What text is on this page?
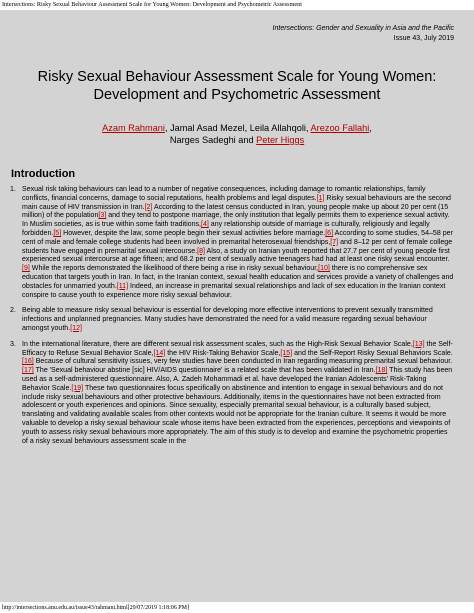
Intersections: Risky Sexual Behaviour Assessment Scale for Young Women: Development and Psychometric Assessment
Intersections: Gender and Sexuality in Asia and the Pacific
Issue 43, July 2019
Risky Sexual Behaviour Assessment Scale for Young Women: Development and Psychometric Assessment
Azam Rahmani, Jamal Asad Mezel, Leila Allahqoli, Arezoo Fallahi,
Narges Sadeghi and Peter Higgs
Introduction
1. Sexual risk taking behaviours can lead to a number of negative consequences, including damage to romantic relationships, family conflicts, financial concerns, damage to social reputations, health problems and legal disputes.[1] Risky sexual behaviours are the second main cause of HIV transmission in Iran.[2] According to the latest census conducted in Iran, young people make up about 20 per cent (15 million) of the population[3] and they tend to postpone marriage, the only institution that legally permits them to experience sexual activity. In Muslim societies, as is true within some faith traditions,[4] any relationship outside of marriage is culturally, religiously and legally forbidden.[5] However, despite the law, some people begin their sexual activities before marriage.[6] According to some studies, 54–58 per cent of male and female college students had been involved in premarital heterosexual friendships,[7] and 8–12 per cent of female college students have engaged in premarital sexual intercourse.[8] Also, a study on Iranian youth reported that 27.7 per cent of young people first experienced sexual intercourse at age fifteen; and 68.2 per cent of sexually active teenagers had had at least one risky sexual encounter.[9] While the reports demonstrated the likelihood of there being a rise in risky sexual behaviour,[10] there is no comprehensive sex education that targets youth in Iran. In fact, in the Iranian context, sexual health education and services provide a variety of challenges and obstacles for unmarried youth.[11] Indeed, an increase in premarital sexual relationships and lack of sex education in the Iranian context conspire to cause youth to experience more risky sexual behaviour.
2. Being able to measure risky sexual behaviour is essential for developing more effective interventions to prevent sexually transmitted infections and unplanned pregnancies. Many studies have demonstrated the need for a valid measure regarding sexual behaviour amongst youth.[12]
3. In the international literature, there are different sexual risk assessment scales, such as the High-Risk Sexual Behavior Scale,[13] the Self-Efficacy to Refuse Sexual Behavior Scale,[14] the HIV Risk-Taking Behavior Scale,[15] and the Self-Report Risky Sexual Behaviors Scale.[16] Because of cultural sensitivity issues, very few studies have been conducted in Iran regarding measuring premarital sexual behaviour.[17] The 'Sexual behaviour abstine [sic] HIV/AIDS questionnaire' is a related scale that has been validated in Iran.[18] This study has been used as a self-administered questionnaire. Also, A. Zadeh Mohammadi et al. have developed the Iranian Adolescents' Risk-Taking Behavior Scale.[19] These two questionnaires focus specifically on abstinence and intention to engage in sexual behaviours and do not include risky sexual behaviours and other protective behaviours. Additionally, items in the questionnaires have not been extracted from adolescent or youth experiences and opinions. Since sexuality, especially premarital sexual behaviour, is a culturally based subject, translating and validating available scales from other contexts would not be appropriate for the Iranian culture. It seems it would be more valuable to develop a risky sexual behaviour scale whose items have been extracted from the experiences, perceptions and viewpoints of youth to assess risky sexual behaviours more appropriately. The aim of this study is to develop and examine the psychometric properties of a risky sexual behaviours assessment scale in the
http://intersections.anu.edu.au/issue43/rahmani.html[29/07/2019 1:18:06 PM]
